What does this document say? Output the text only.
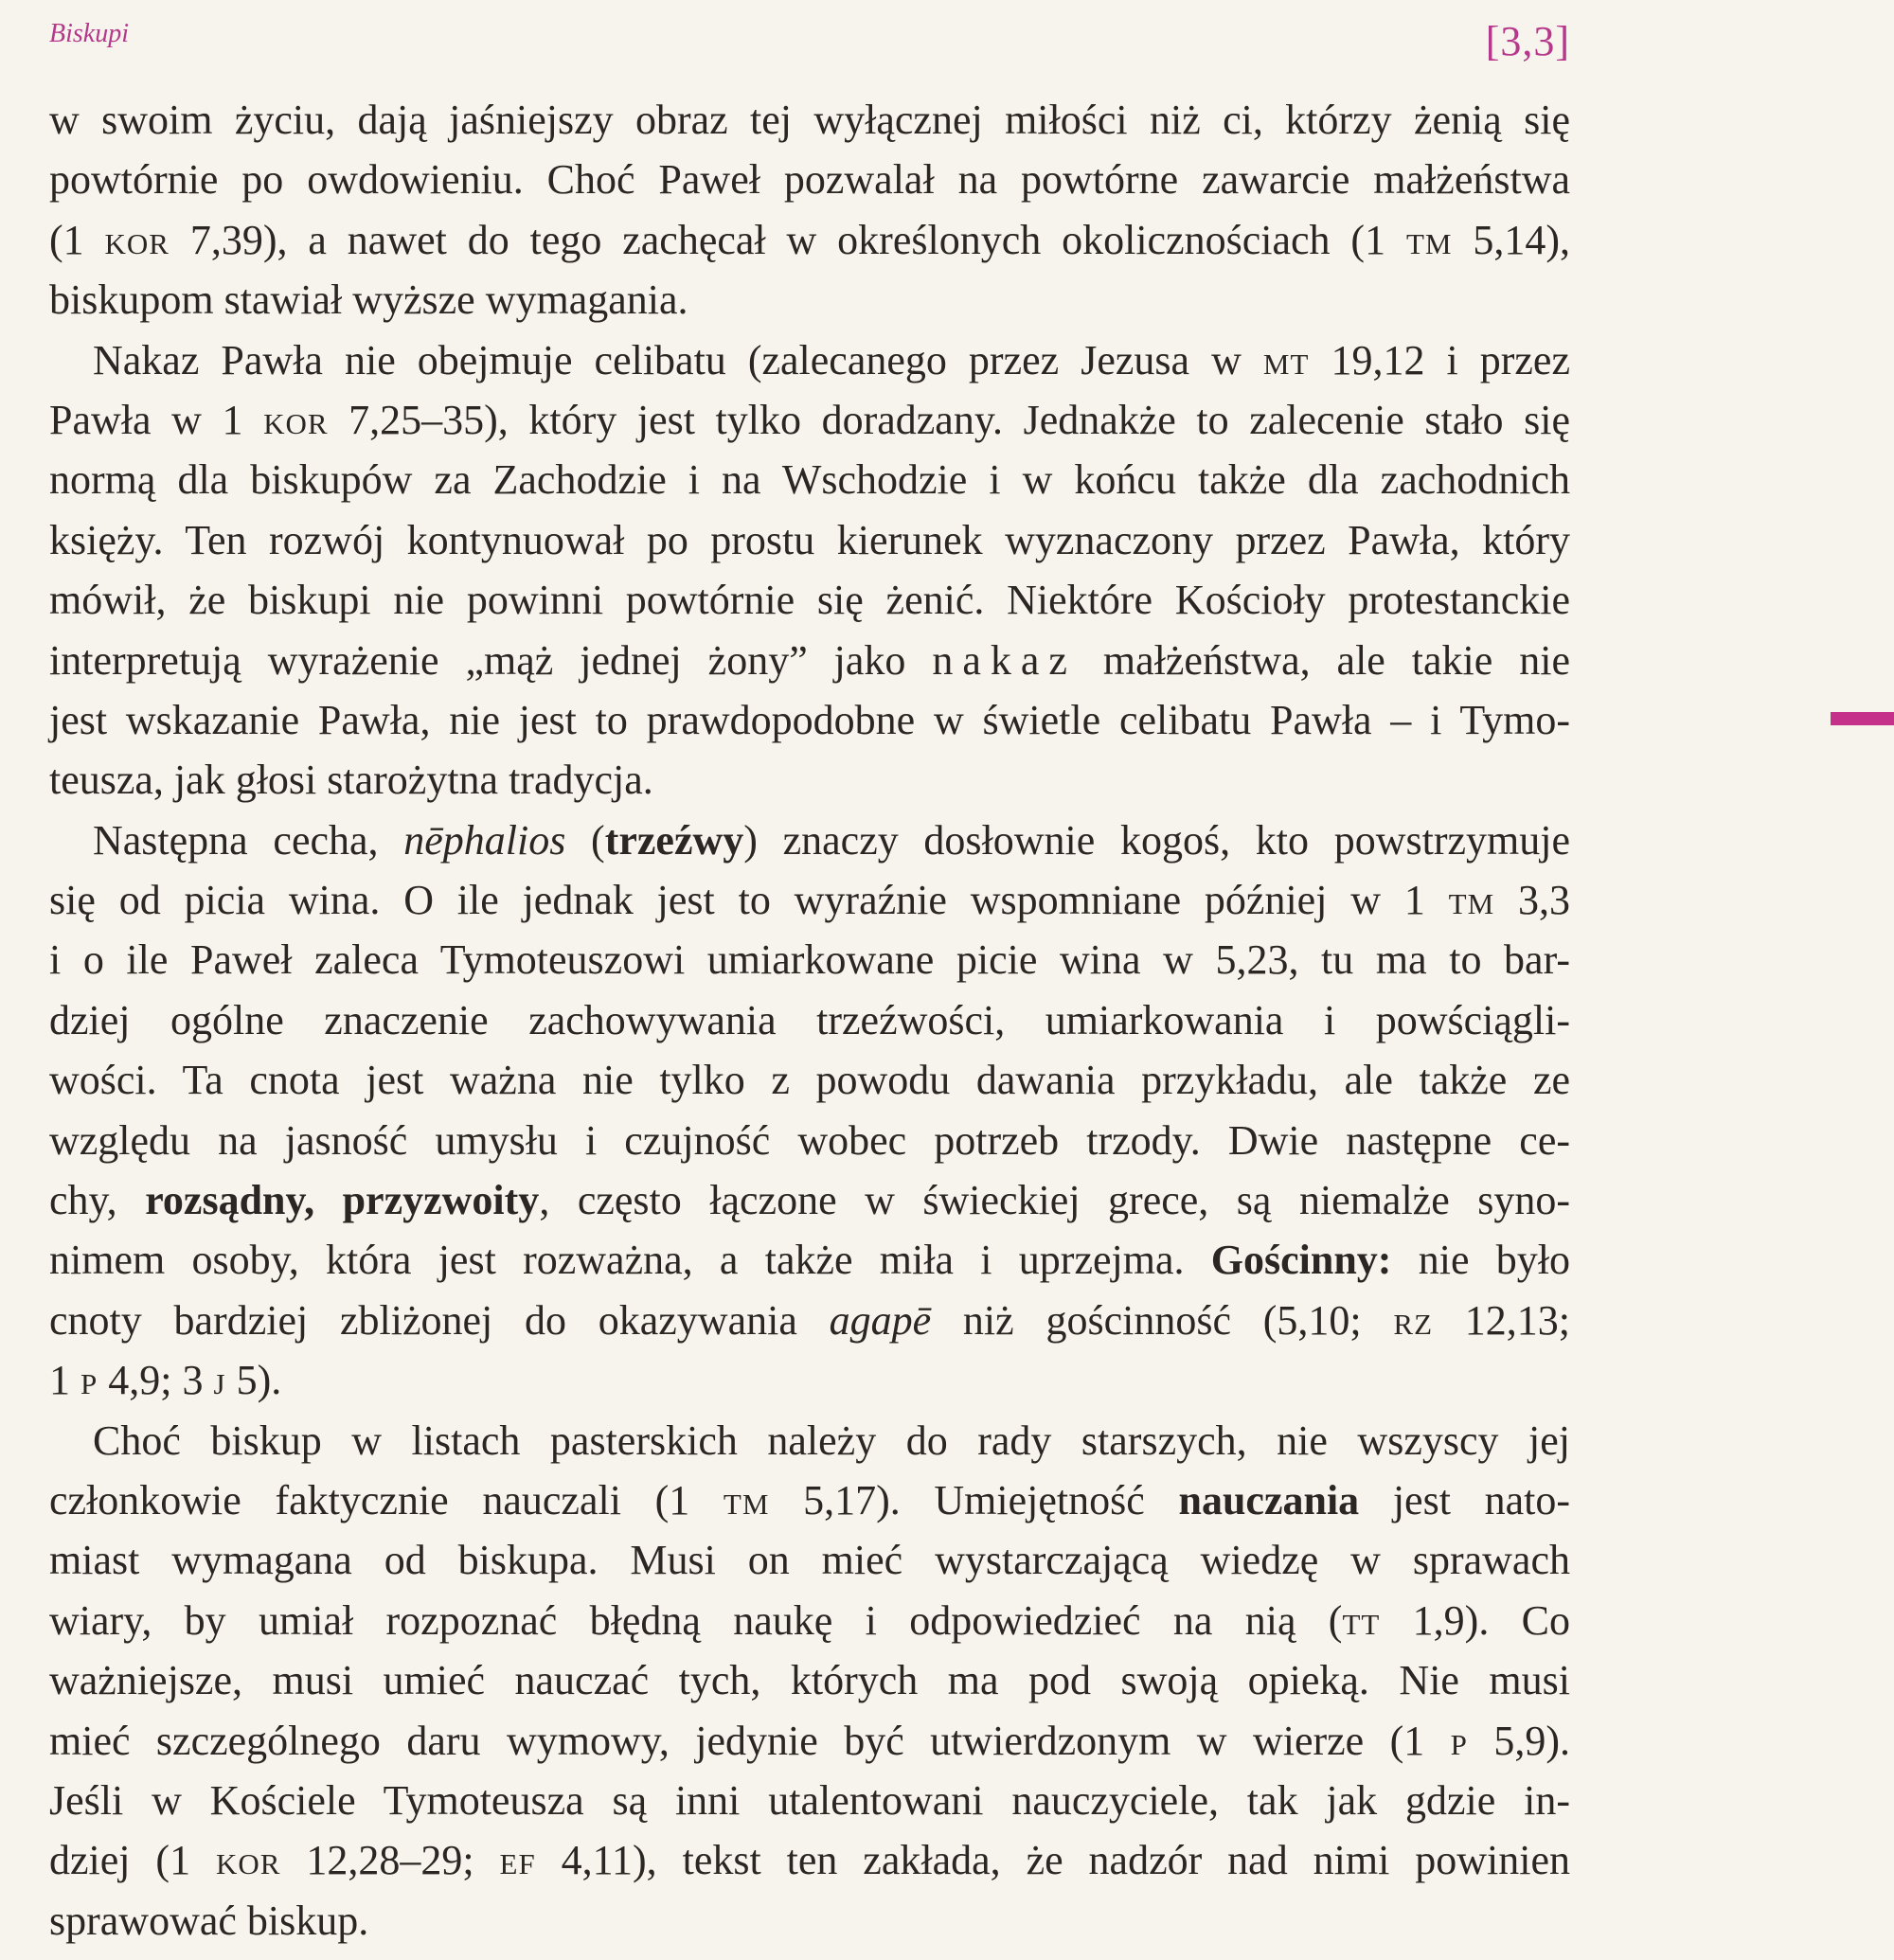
Biskupi	[3,3]
w swoim życiu, dają jaśniejszy obraz tej wyłącznej miłości niż ci, którzy żenią się
powtórnie po owdowieniu. Choć Paweł pozwalał na powtórne zawarcie małżeństwa
(1 kor 7,39), a nawet do tego zachęcał w określonych okolicznościach (1 tm 5,14),
biskupom stawiał wyższe wymagania.
Nakaz Pawła nie obejmuje celibatu (zalecanego przez Jezusa w mt 19,12 i przez
Pawła w 1 kor 7,25–35), który jest tylko doradzany. Jednakże to zalecenie stało się
normą dla biskupów za Zachodzie i na Wschodzie i w końcu także dla zachodnich
księży. Ten rozwój kontynuował po prostu kierunek wyznaczony przez Pawła, który
mówił, że biskupi nie powinni powtórnie się żenić. Niektóre Kościoły protestanckie
interpretują wyrażenie „mąż jednej żony” jako nakaz małżeństwa, ale takie nie
jest wskazanie Pawła, nie jest to prawdopodobne w świetle celibatu Pawła – i Tymo-
teusza, jak głosi starożytna tradycja.
Następna cecha, nēphalios (trzeźwy) znaczy dosłownie kogoś, kto powstrzymuje
się od picia wina. O ile jednak jest to wyraźnie wspomniane później w 1 tm 3,3
i o ile Paweł zaleca Tymoteuszowi umiarkowane picie wina w 5,23, tu ma to bar-
dziej ogólne znaczenie zachowywania trzeźwości, umiarkowania i powściągli-
wości. Ta cnota jest ważna nie tylko z powodu dawania przykładu, ale także ze
względu na jasność umysłu i czujność wobec potrzeb trzody. Dwie następne ce-
chy, rozsądny, przyzwoity, często łączone w świeckiej grece, są niemalże syno-
nimem osoby, która jest rozważna, a także miła i uprzejma. Gościnny: nie było
cnoty bardziej zbliżonej do okazywania agapē niż gościnność (5,10; rz 12,13;
1 p 4,9; 3 j 5).
Choć biskup w listach pasterskich należy do rady starszych, nie wszyscy jej
członkowie faktycznie nauczali (1 tm 5,17). Umiejętność nauczania jest nato-
miast wymagana od biskupa. Musi on mieć wystarczającą wiedzę w sprawach
wiary, by umiał rozpoznać błędną naukę i odpowiedzieć na nią (tt 1,9). Co
ważniejsze, musi umieć nauczać tych, których ma pod swoją opieką. Nie musi
mieć szczególnego daru wymowy, jedynie być utwierdzonym w wierze (1 p 5,9).
Jeśli w Kościele Tymoteusza są inni utalentowani nauczyciele, tak jak gdzie in-
dziej (1 kor 12,28–29; ef 4,11), tekst ten zakłada, że nadzór nad nimi powinien
sprawować biskup.
